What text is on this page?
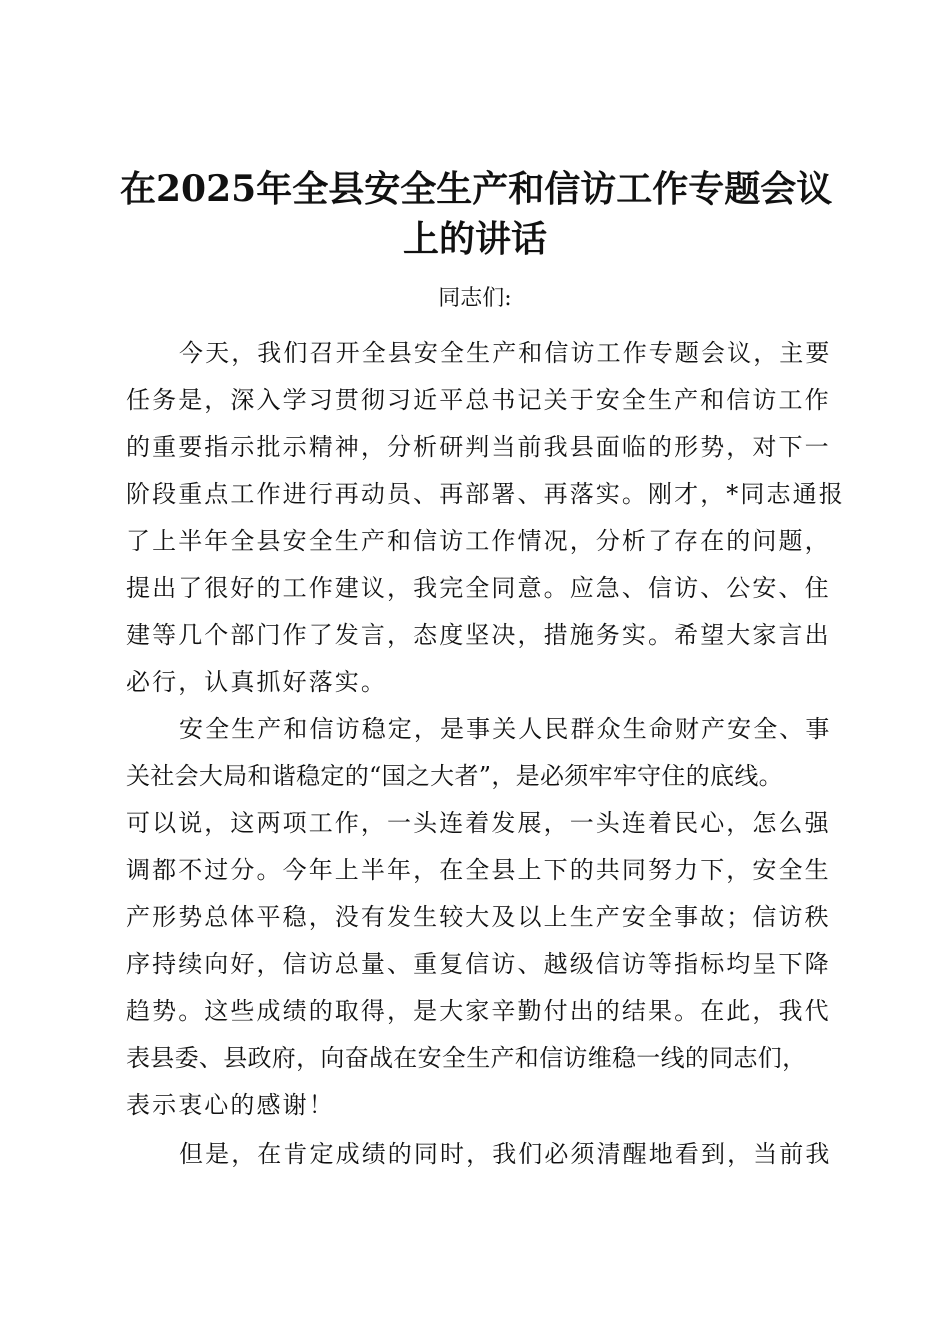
在2025年全县安全生产和信访工作专题会议
上的讲话

同志们:

今天，我们召开全县安全生产和信访工作专题会议，主要
任务是，深入学习贯彻习近平总书记关于安全生产和信访工作
的重要指示批示精神，分析研判当前我县面临的形势，对下一
阶段重点工作进行再动员、再部署、再落实。刚才，*同志通报
了上半年全县安全生产和信访工作情况，分析了存在的问题，
提出了很好的工作建议，我完全同意。应急、信访、公安、住
建等几个部门作了发言，态度坚决，措施务实。希望大家言出
必行，认真抓好落实。
安全生产和信访稳定，是事关人民群众生命财产安全、事
关社会大局和谐稳定的“国之大者”，是必须牢牢守住的底线。
可以说，这两项工作，一头连着发展，一头连着民心，怎么强
调都不过分。今年上半年，在全县上下的共同努力下，安全生
产形势总体平稳，没有发生较大及以上生产安全事故；信访秩
序持续向好，信访总量、重复信访、越级信访等指标均呈下降
趋势。这些成绩的取得，是大家辛勤付出的结果。在此，我代
表县委、县政府，向奋战在安全生产和信访维稳一线的同志们，
表示衷心的感谢！
但是，在肯定成绩的同时，我们必须清醒地看到，当前我
